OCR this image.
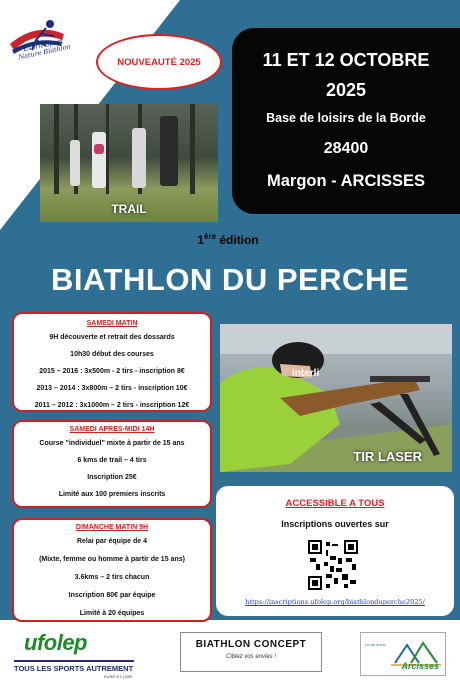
Esprit Sport Nature Biathlon
NOUVEAUTÉ 2025	11 ET 12 OCTOBRE
2025
Base de loisirs de la Borde
28400
Margon - ARCISSES
TRAIL
1ère édition
BIATHLON DU PERCHE
SAMEDI MATIN
9H découverte et retrait des dossards
10h30 début des courses
2015 – 2016 : 3x500m - 2 tirs - inscription 8€
2013 – 2014 : 3x800m – 2 tirs - inscription 10€
2011 – 2012 : 3x1000m – 2 tirs - inscription 12€
SAMEDI APRES-MIDI 14H
Course ''individuel'' mixte à partir de 15 ans
6 kms de trail – 4 tirs
Inscription 25€
Limité aux 100 premiers inscrits
DIMANCHE MATIN 9H
Relai par équipe de 4
(Mixte, femme ou homme à partir de 15 ans)
3.6kms – 2 tirs chacun
Inscription 80€ par équipe
Limité à 20 équipes
interli
TIR LASER
ACCESSIBLE A TOUS
Inscriptions ouvertes sur
https://inscriptions.ufolep.org/biathlonduperche2025/
ufolep
TOUS LES SPORTS AUTREMENT
EURE-ET-LOIR
BIATHLON CONCEPT
Ciblez vos envies !
FOYER RURAL
Arcisses
